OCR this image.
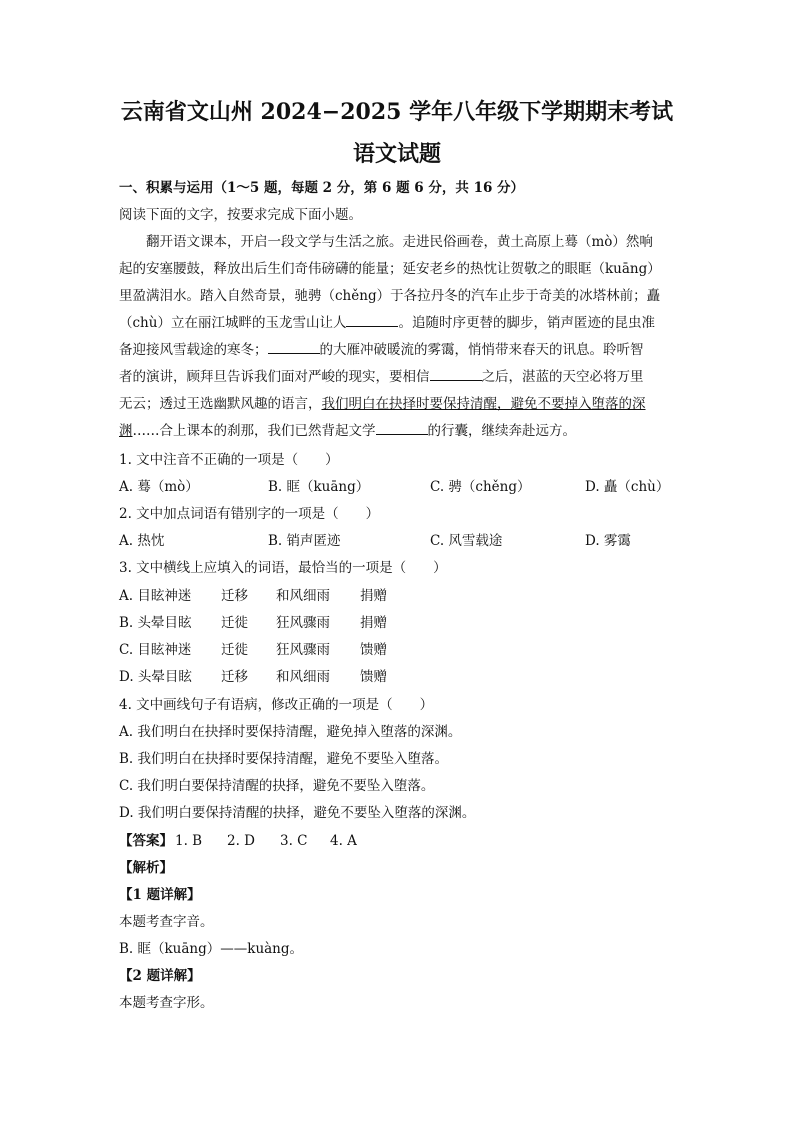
云南省文山州 2024−2025 学年八年级下学期期末考试
语文试题
一、积累与运用（1～5 题，每题 2 分，第 6 题 6 分，共 16 分）
阅读下面的文字，按要求完成下面小题。
翻开语文课本，开启一段文学与生活之旅。走进民俗画卷，黄土高原上蓦（mò）然响
起的安塞腰鼓，释放出后生们奇伟磅礴的能量；延安老乡的热忱让贺敬之的眼眶（kuāng）
里盈满泪水。踏入自然奇景，驰骋（chěng）于各拉丹冬的汽车止步于奇美的冰塔林前；矗
（chù）立在丽江城畔的玉龙雪山让人	。追随时序更替的脚步，销声匿迹的昆虫准
备迎接风雪载途的寒冬；	的大雁冲破暖流的雾霭，悄悄带来春天的讯息。聆听智
者的演讲，顾拜旦告诉我们面对严峻的现实，要相信	之后，湛蓝的天空必将万里
无云；透过王选幽默风趣的语言，我们明白在抉择时要保持清醒，避免不要掉入堕落的深
渊……合上课本的刹那，我们已然背起文学	的行囊，继续奔赴远方。
1. 文中注音不正确的一项是（　　）
A. 蓦（mò）	B. 眶（kuāng）	C. 骋（chěng）	D. 矗（chù）
2. 文中加点词语有错别字的一项是（　　）
A. 热忱	B. 销声匿迹	C. 风雪载途	D. 雾霭
3. 文中横线上应填入的词语，最恰当的一项是（　　）
A. 目眩神迷 迁移 和风细雨 捐赠
B. 头晕目眩 迁徙 狂风骤雨 捐赠
C. 目眩神迷 迁徙 狂风骤雨 馈赠
D. 头晕目眩 迁移 和风细雨 馈赠
4. 文中画线句子有语病，修改正确的一项是（　　）
A. 我们明白在抉择时要保持清醒，避免掉入堕落的深渊。
B. 我们明白在抉择时要保持清醒，避免不要坠入堕落。
C. 我们明白要保持清醒的抉择，避免不要坠入堕落。
D. 我们明白要保持清醒的抉择，避免不要坠入堕落的深渊。
【答案】 1. B 2. D 3. C 4. A
【解析】
【1 题详解】
本题考查字音。
B. 眶（kuāng）——kuàng。
【2 题详解】
本题考查字形。
